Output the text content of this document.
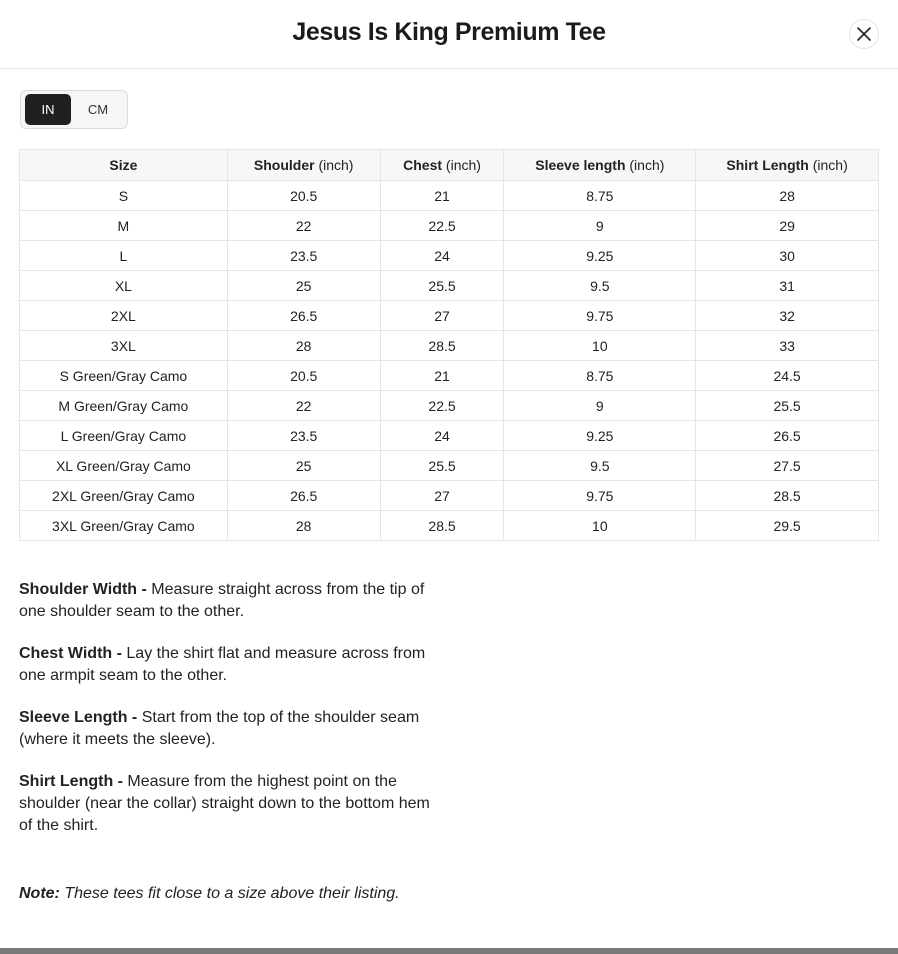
Jesus Is King Premium Tee
IN	CM
Size	Shoulder (inch)	Chest (inch)	Sleeve length (inch)	Shirt Length (inch)
S	20.5	21	8.75	28
M	22	22.5	9	29
L	23.5	24	9.25	30
XL	25	25.5	9.5	31
2XL	26.5	27	9.75	32
3XL	28	28.5	10	33
S Green/Gray Camo	20.5	21	8.75	24.5
M Green/Gray Camo	22	22.5	9	25.5
L Green/Gray Camo	23.5	24	9.25	26.5
XL Green/Gray Camo	25	25.5	9.5	27.5
2XL Green/Gray Camo	26.5	27	9.75	28.5
3XL Green/Gray Camo	28	28.5	10	29.5
Shoulder Width - Measure straight across from the tip of one shoulder seam to the other.
Chest Width - Lay the shirt flat and measure across from one armpit seam to the other.
Sleeve Length - Start from the top of the shoulder seam (where it meets the sleeve).
Shirt Length - Measure from the highest point on the shoulder (near the collar) straight down to the bottom hem of the shirt.
Note: These tees fit close to a size above their listing.
